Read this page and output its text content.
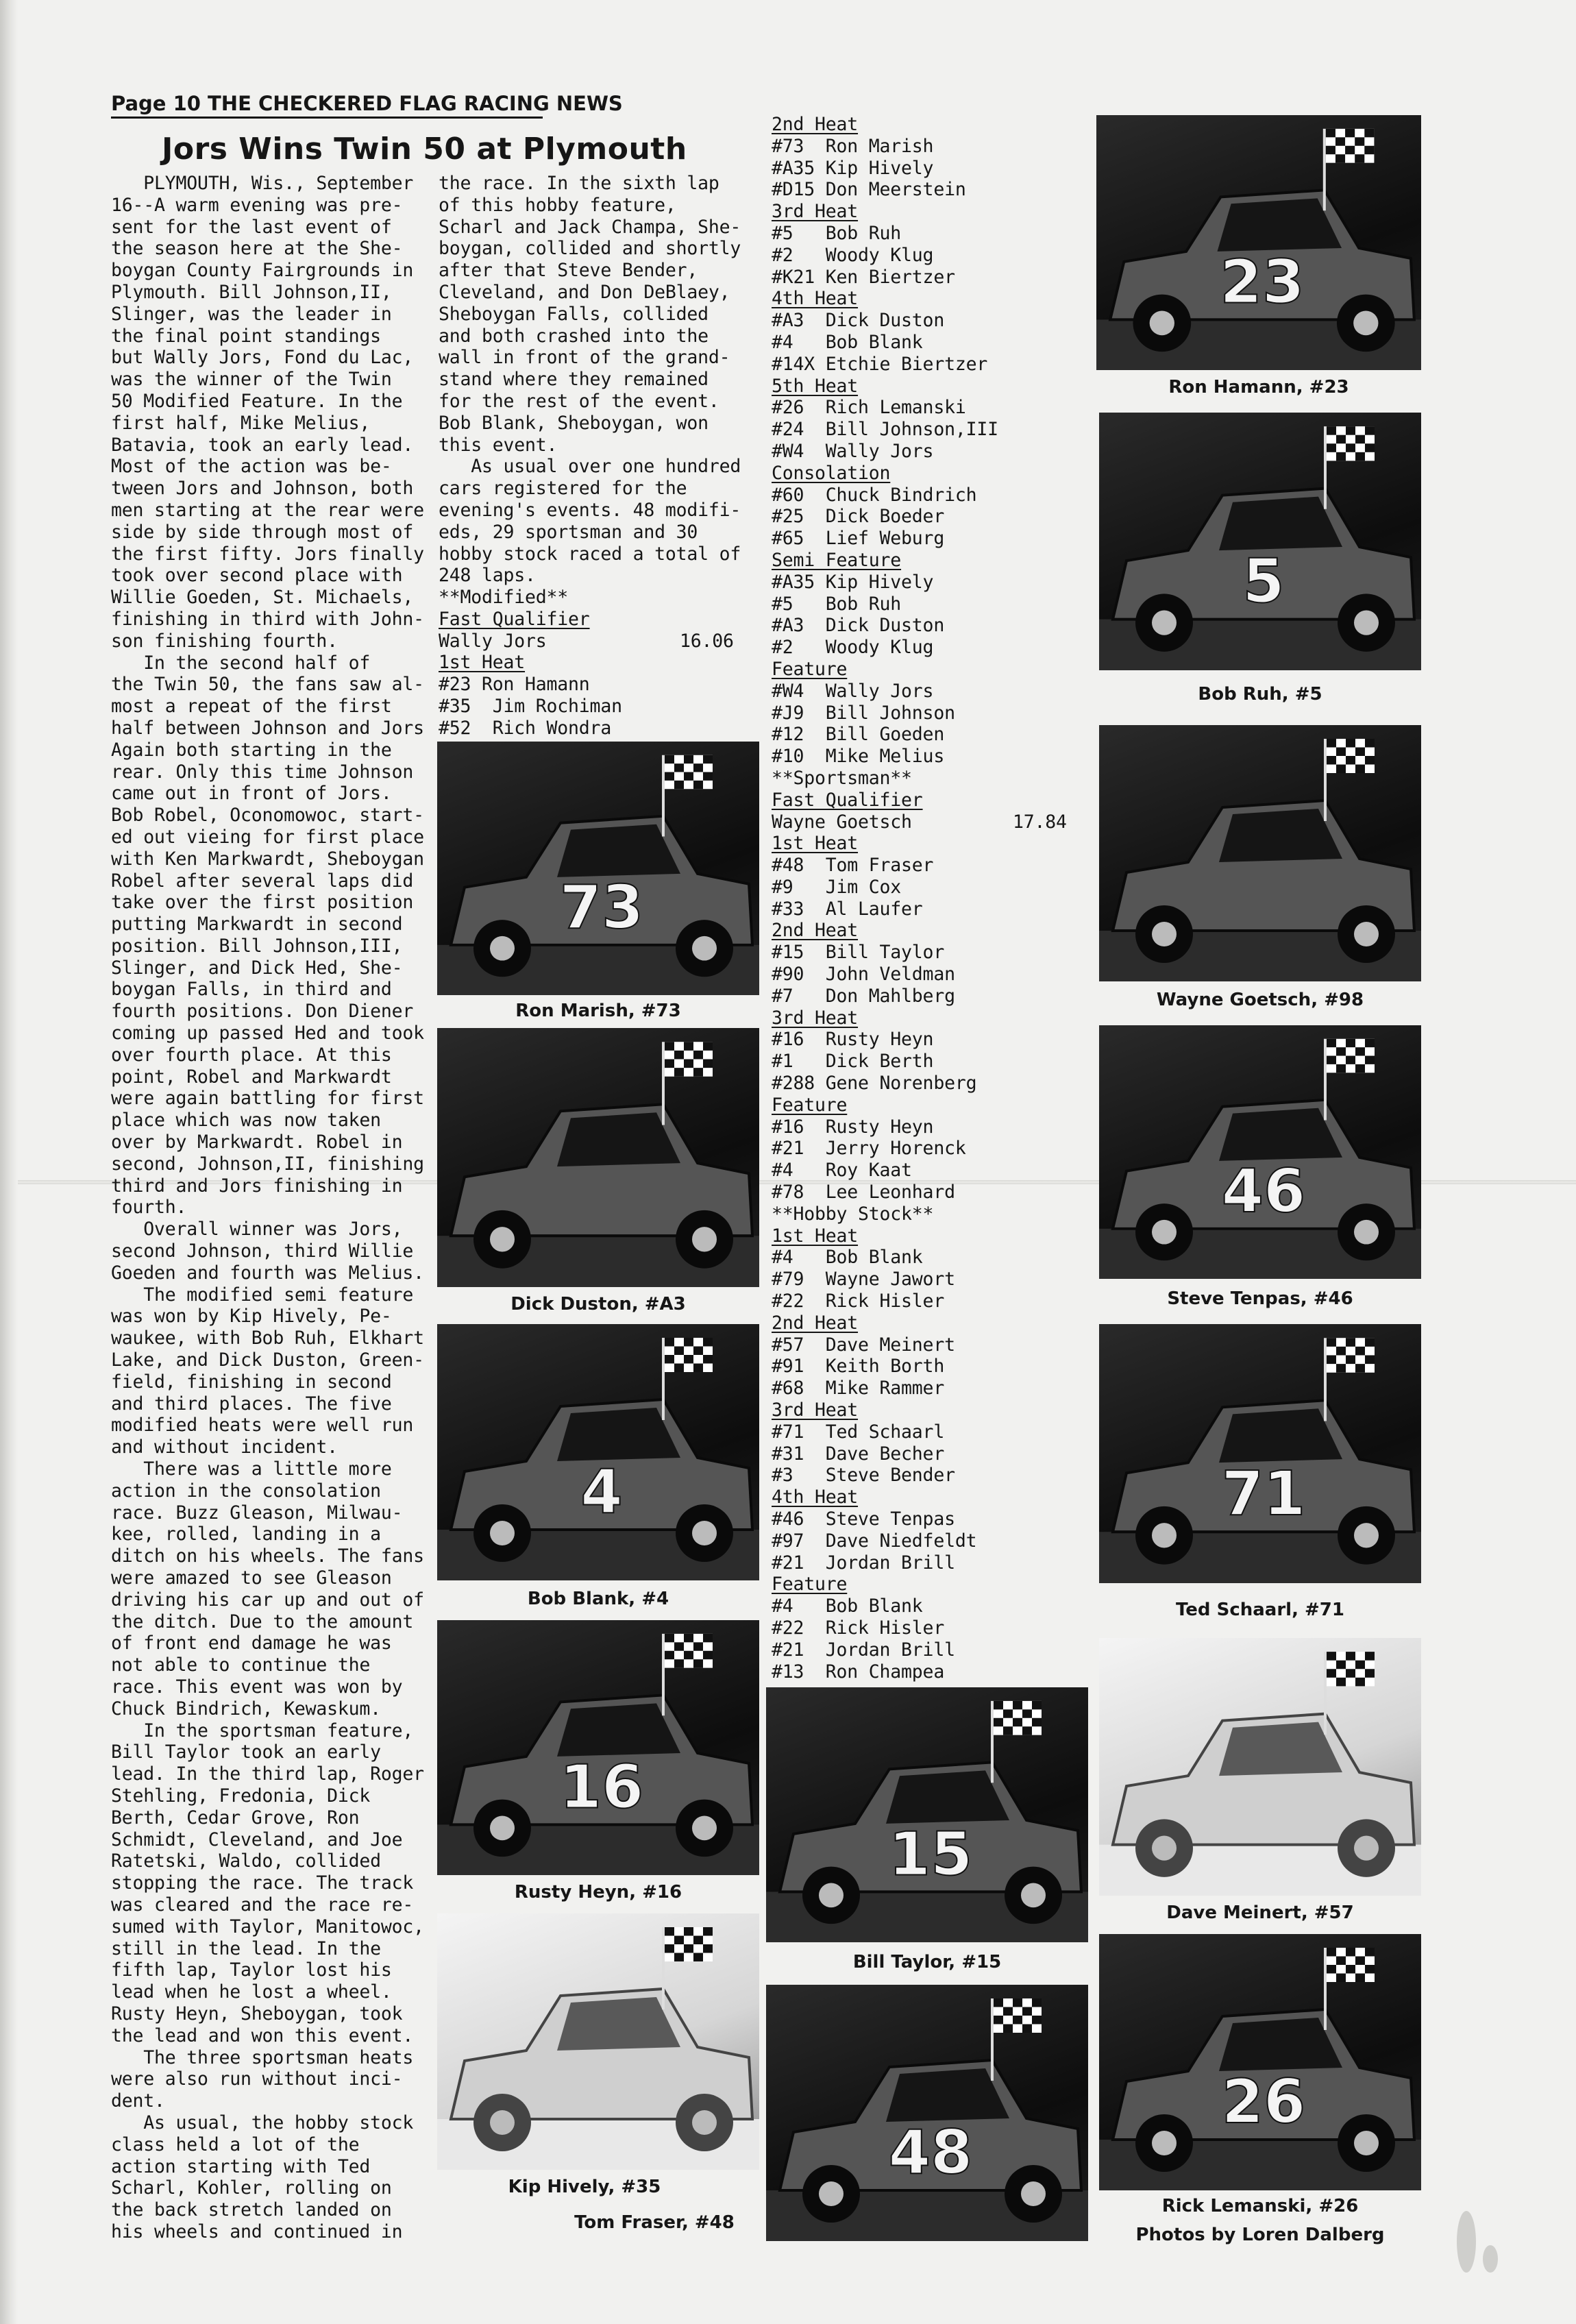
Page 10 THE CHECKERED FLAG RACING NEWS
Jors Wins Twin 50 at Plymouth
PLYMOUTH, Wis., September
16--A warm evening was pre-
sent for the last event of
the season here at the She-
boygan County Fairgrounds in
Plymouth. Bill Johnson,II,
Slinger, was the leader in
the final point standings
but Wally Jors, Fond du Lac,
was the winner of the Twin
50 Modified Feature. In the
first half, Mike Melius,
Batavia, took an early lead.
Most of the action was be-
tween Jors and Johnson, both
men starting at the rear were
side by side through most of
the first fifty. Jors finally
took over second place with
Willie Goeden, St. Michaels,
finishing in third with John-
son finishing fourth.
In the second half of
the Twin 50, the fans saw al-
most a repeat of the first
half between Johnson and Jors
Again both starting in the
rear. Only this time Johnson
came out in front of Jors.
Bob Robel, Oconomowoc, start-
ed out vieing for first place
with Ken Markwardt, Sheboygan
Robel after several laps did
take over the first position
putting Markwardt in second
position. Bill Johnson,III,
Slinger, and Dick Hed, She-
boygan Falls, in third and
fourth positions. Don Diener
coming up passed Hed and took
over fourth place. At this
point, Robel and Markwardt
were again battling for first
place which was now taken
over by Markwardt. Robel in
second, Johnson,II, finishing
third and Jors finishing in
fourth.
Overall winner was Jors,
second Johnson, third Willie
Goeden and fourth was Melius.
The modified semi feature
was won by Kip Hively, Pe-
waukee, with Bob Ruh, Elkhart
Lake, and Dick Duston, Green-
field, finishing in second
and third places. The five
modified heats were well run
and without incident.
There was a little more
action in the consolation
race. Buzz Gleason, Milwau-
kee, rolled, landing in a
ditch on his wheels. The fans
were amazed to see Gleason
driving his car up and out of
the ditch. Due to the amount
of front end damage he was
not able to continue the
race. This event was won by
Chuck Bindrich, Kewaskum.
In the sportsman feature,
Bill Taylor took an early
lead. In the third lap, Roger
Stehling, Fredonia, Dick
Berth, Cedar Grove, Ron
Schmidt, Cleveland, and Joe
Ratetski, Waldo, collided
stopping the race. The track
was cleared and the race re-
sumed with Taylor, Manitowoc,
still in the lead. In the
fifth lap, Taylor lost his
lead when he lost a wheel.
Rusty Heyn, Sheboygan, took
the lead and won this event.
The three sportsman heats
were also run without inci-
dent.
As usual, the hobby stock
class held a lot of the
action starting with Ted
Scharl, Kohler, rolling on
the back stretch landed on
his wheels and continued in
the race. In the sixth lap
of this hobby feature,
Scharl and Jack Champa, She-
boygan, collided and shortly
after that Steve Bender,
Cleveland, and Don DeBlaey,
Sheboygan Falls, collided
and both crashed into the
wall in front of the grand-
stand where they remained
for the rest of the event.
Bob Blank, Sheboygan, won
this event.
As usual over one hundred
cars registered for the
evening's events. 48 modifi-
eds, 29 sportsman and 30
hobby stock raced a total of
248 laps.
**Modified**
Fast Qualifier
Wally Jors	16.06
1st Heat
#23 Ron Hamann
#35  Jim Rochiman
#52  Rich Wondra
2nd Heat
#73  Ron Marish
#A35 Kip Hively
#D15 Don Meerstein
3rd Heat
#5   Bob Ruh
#2   Woody Klug
#K21 Ken Biertzer
4th Heat
#A3  Dick Duston
#4   Bob Blank
#14X Etchie Biertzer
5th Heat
#26  Rich Lemanski
#24  Bill Johnson,III
#W4  Wally Jors
Consolation
#60  Chuck Bindrich
#25  Dick Boeder
#65  Lief Weburg
Semi Feature
#A35 Kip Hively
#5   Bob Ruh
#A3  Dick Duston
#2   Woody Klug
Feature
#W4  Wally Jors
#J9  Bill Johnson
#12  Bill Goeden
#10  Mike Melius
**Sportsman**
Fast Qualifier
Wayne Goetsch	17.84
1st Heat
#48  Tom Fraser
#9   Jim Cox
#33  Al Laufer
2nd Heat
#15  Bill Taylor
#90  John Veldman
#7   Don Mahlberg
3rd Heat
#16  Rusty Heyn
#1   Dick Berth
#288 Gene Norenberg
Feature
#16  Rusty Heyn
#21  Jerry Horenck
#4   Roy Kaat
#78  Lee Leonhard
**Hobby Stock**
1st Heat
#4   Bob Blank
#79  Wayne Jawort
#22  Rick Hisler
2nd Heat
#57  Dave Meinert
#91  Keith Borth
#68  Mike Rammer
3rd Heat
#71  Ted Schaarl
#31  Dave Becher
#3   Steve Bender
4th Heat
#46  Steve Tenpas
#97  Dave Niedfeldt
#21  Jordan Brill
Feature
#4   Bob Blank
#22  Rick Hisler
#21  Jordan Brill
#13  Ron Champea
73
Ron Marish, #73
Dick Duston, #A3
4
Bob Blank, #4
16
Rusty Heyn, #16
Kip Hively, #35
15
Bill Taylor, #15
48
Tom Fraser, #48
23
Ron Hamann, #23
5
Bob Ruh, #5
Wayne Goetsch, #98
46
Steve Tenpas, #46
71
Ted Schaarl, #71
Dave Meinert, #57
26
Rick Lemanski, #26
Photos by Loren Dalberg
